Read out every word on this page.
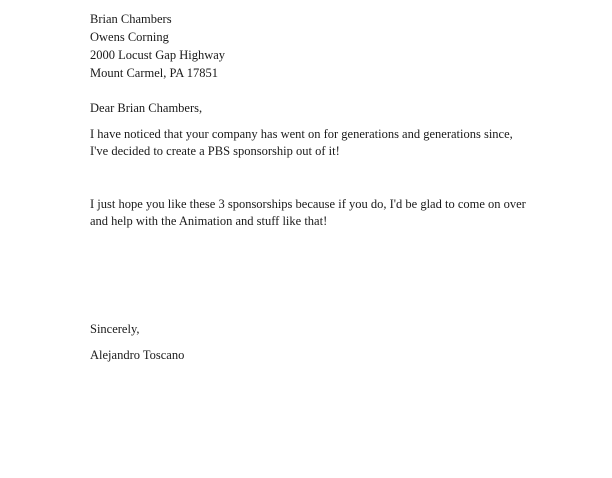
Brian Chambers
Owens Corning
2000 Locust Gap Highway
Mount Carmel, PA 17851
Dear Brian Chambers,
I have noticed that your company has went on for generations and generations since, I've decided to create a PBS sponsorship out of it!
I just hope you like these 3 sponsorships because if you do, I'd be glad to come on over and help with the Animation and stuff like that!
Sincerely,
Alejandro Toscano
